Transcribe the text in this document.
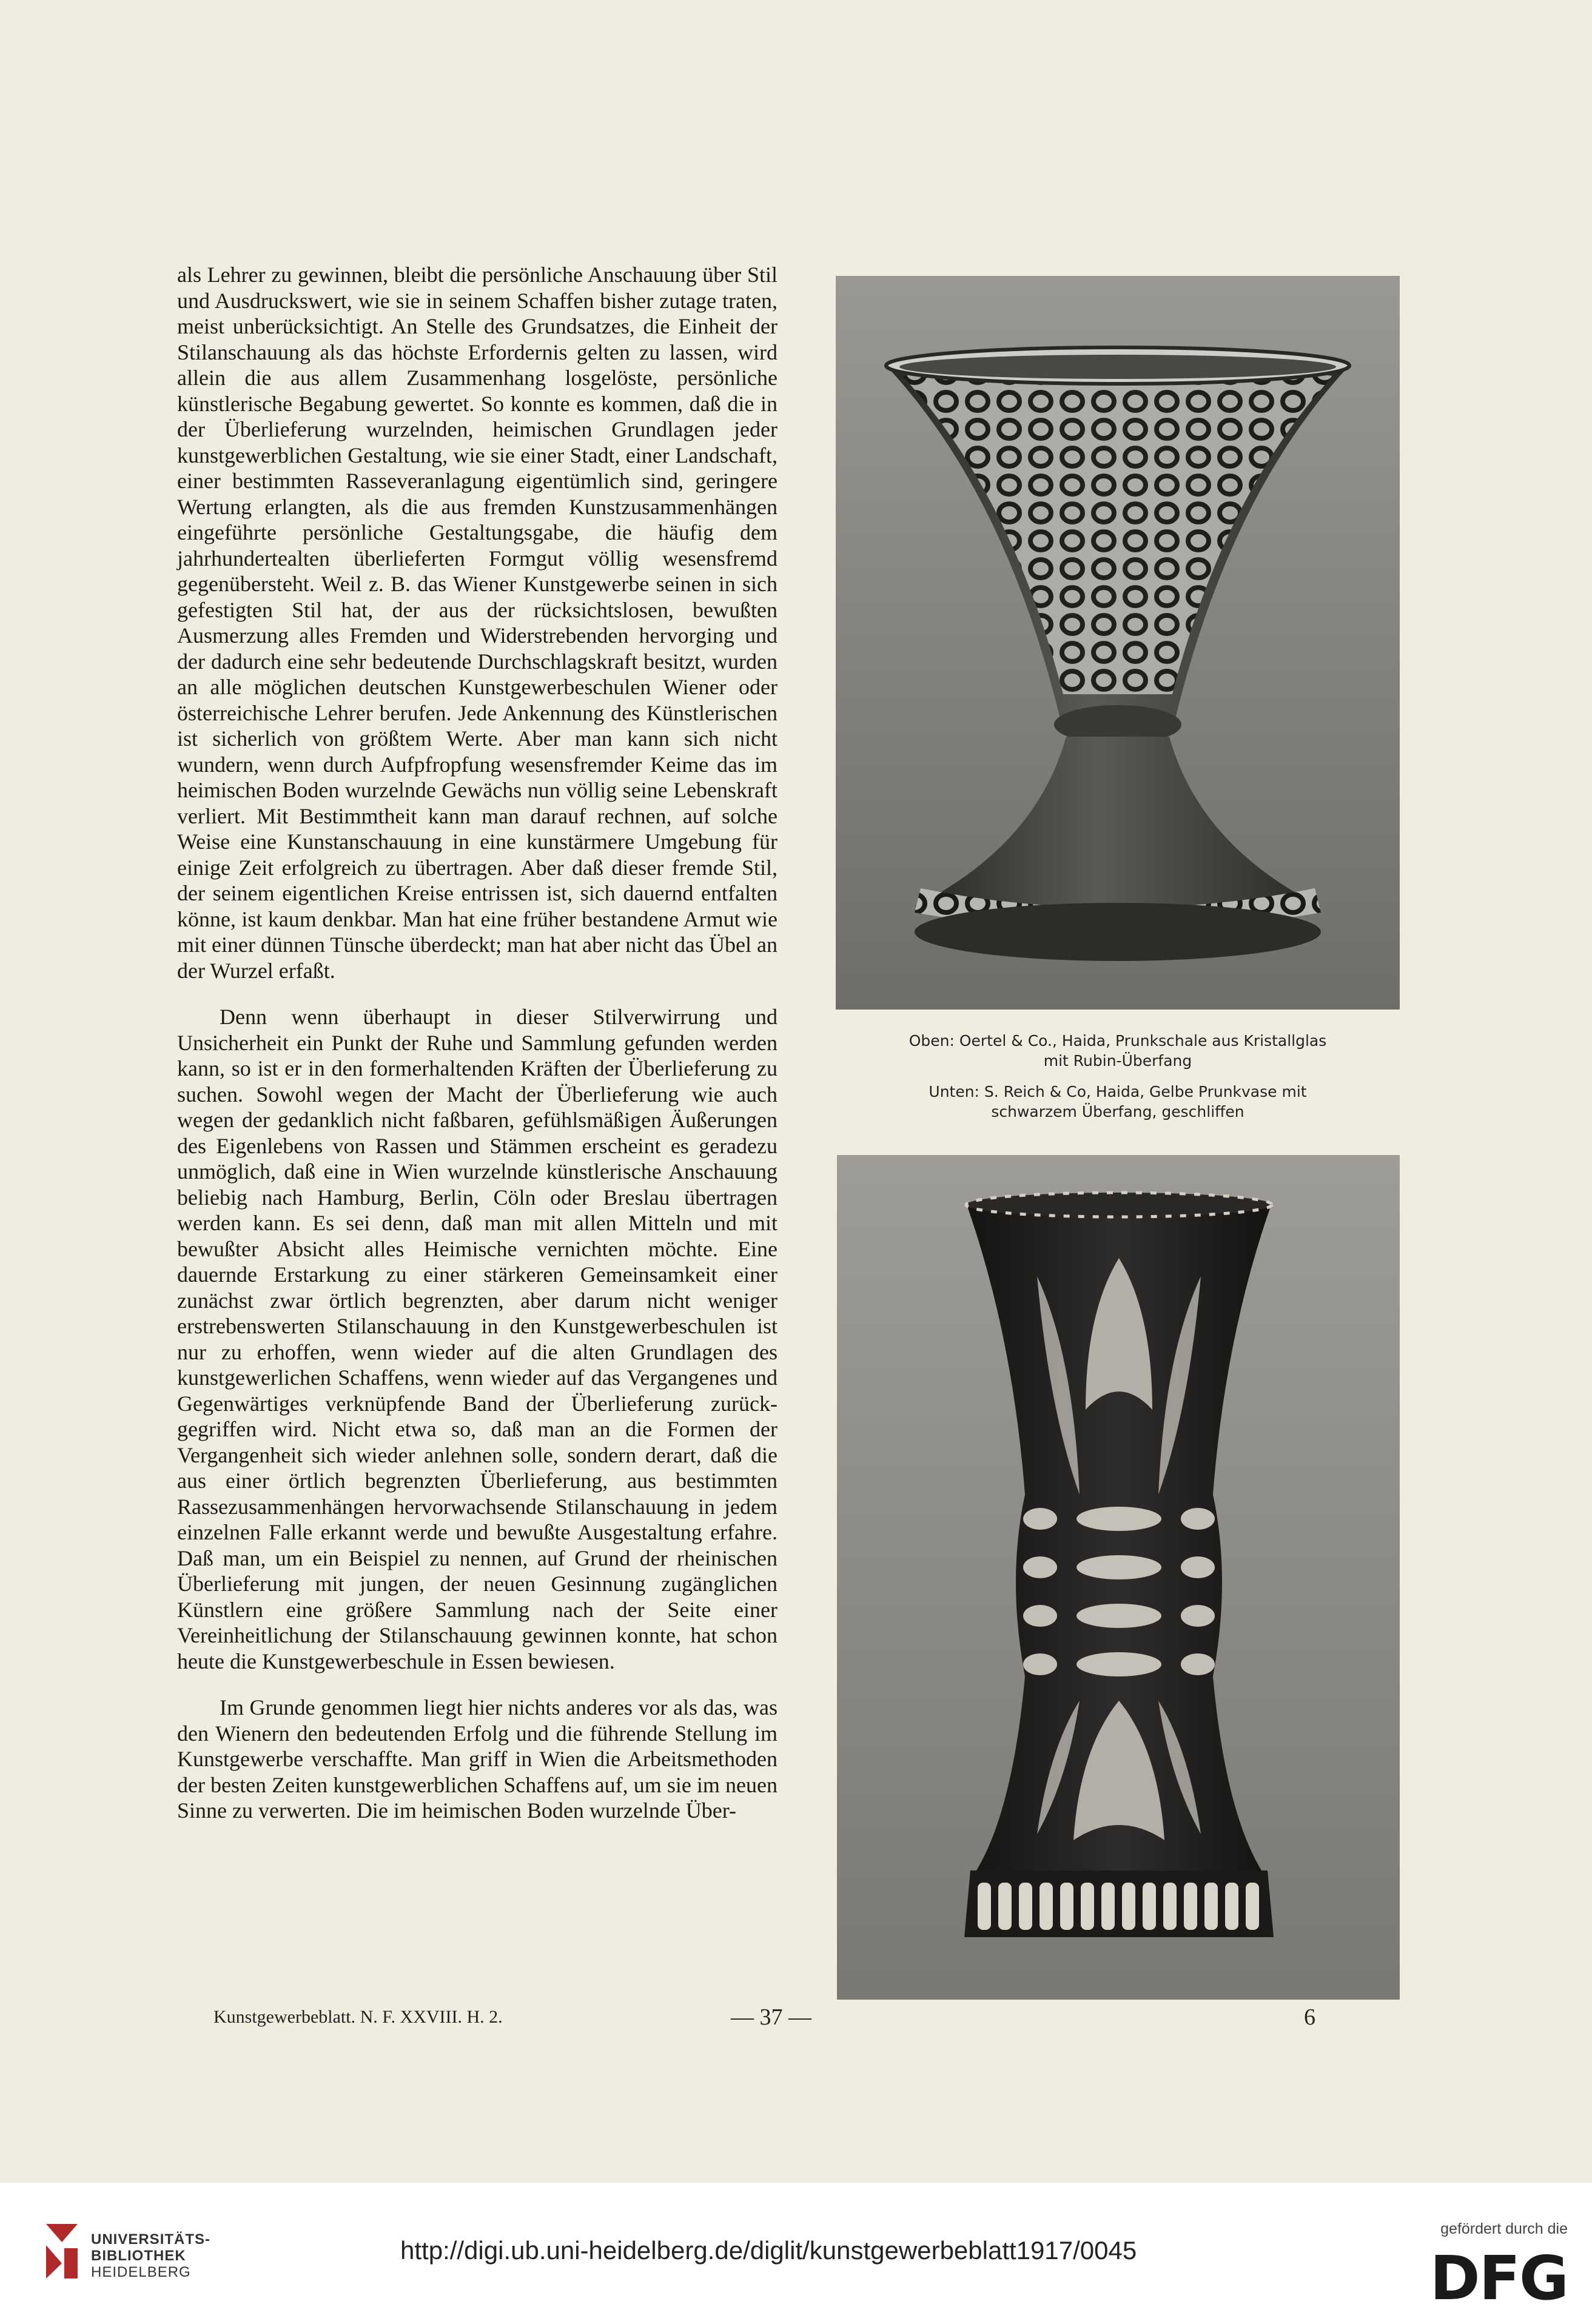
als Lehrer zu gewinnen, bleibt die persönliche Anschauung über Stil und Ausdruckswert, wie sie in seinem Schaffen bisher zutage traten, meist unberücksichtigt. An Stelle des Grundsatzes, die Einheit der Stilanschauung als das höchste Erfordernis gelten zu lassen, wird allein die aus allem Zusammenhang losgelöste, persönliche künstlerische Begabung gewertet. So konnte es kommen, daß die in der Überlieferung wurzelnden, heimischen Grundlagen jeder kunstgewerblichen Gestaltung, wie sie einer Stadt, einer Landschaft, einer bestimmten Rasseveranlagung eigentümlich sind, geringere Wertung erlangten, als die aus fremden Kunstzusammenhängen eingeführte persönliche Gestaltungsgabe, die häufig dem jahrhundertealten überlieferten Formgut völlig wesensfremd gegenübersteht. Weil z. B. das Wiener Kunstgewerbe seinen in sich gefestigten Stil hat, der aus der rücksichtslosen, bewußten Ausmerzung alles Fremden und Widerstrebenden hervorging und der dadurch eine sehr bedeutende Durchschlagskraft besitzt, wurden an alle möglichen deutschen Kunstgewerbeschulen Wiener oder österreichische Lehrer berufen. Jede Ankennung des Künstlerischen ist sicherlich von größtem Werte. Aber man kann sich nicht wundern, wenn durch Aufpfropfung wesensfremder Keime das im heimischen Boden wurzelnde Gewächs nun völlig seine Lebenskraft verliert. Mit Bestimmtheit kann man darauf rechnen, auf solche Weise eine Kunstanschauung in eine kunstärmere Umgebung für einige Zeit erfolgreich zu übertragen. Aber daß dieser fremde Stil, der seinem eigentlichen Kreise entrissen ist, sich dauernd entfalten könne, ist kaum denkbar. Man hat eine früher bestandene Armut wie mit einer dünnen Tünsche überdeckt; man hat aber nicht das Übel an der Wurzel erfaßt.

Denn wenn überhaupt in dieser Stilverwirrung und Unsicherheit ein Punkt der Ruhe und Sammlung gefunden werden kann, so ist er in den formerhaltenden Kräften der Überlieferung zu suchen. Sowohl wegen der Macht der Überlieferung wie auch wegen der gedanklich nicht faßbaren, gefühlsmäßigen Äußerungen des Eigenlebens von Rassen und Stämmen erscheint es geradezu unmöglich, daß eine in Wien wurzelnde künstlerische Anschauung beliebig nach Hamburg, Berlin, Cöln oder Breslau übertragen werden kann. Es sei denn, daß man mit allen Mitteln und mit bewußter Absicht alles Heimische vernichten möchte. Eine dauernde Erstarkung zu einer stärkeren Gemeinsamkeit einer zunächst zwar örtlich begrenzten, aber darum nicht weniger erstrebenswerten Stilanschauung in den Kunstgewerbeschulen ist nur zu erhoffen, wenn wieder auf die alten Grundlagen des kunstgewerlichen Schaffens, wenn wieder auf das Vergangenes und Gegenwärtiges verknüpfende Band der Überlieferung zurückgegriffen wird. Nicht etwa so, daß man an die Formen der Vergangenheit sich wieder anlehnen solle, sondern derart, daß die aus einer örtlich begrenzten Überlieferung, aus bestimmten Rassezusammenhängen hervorwachsende Stilanschauung in jedem einzelnen Falle erkannt werde und bewußte Ausgestaltung erfahre. Daß man, um ein Beispiel zu nennen, auf Grund der rheinischen Überlieferung mit jungen, der neuen Gesinnung zugänglichen Künstlern eine größere Sammlung nach der Seite einer Vereinheitlichung der Stilanschauung gewinnen konnte, hat schon heute die Kunstgewerbeschule in Essen bewiesen.

Im Grunde genommen liegt hier nichts anderes vor als das, was den Wienern den bedeutenden Erfolg und die führende Stellung im Kunstgewerbe verschaffte. Man griff in Wien die Arbeitsmethoden der besten Zeiten kunstgewerblichen Schaffens auf, um sie im neuen Sinne zu verwerten. Die im heimischen Boden wurzelnde Über-

Oben: Oertel & Co., Haida, Prunkschale aus Kristallglas
mit Rubin-Überfang
Unten: S. Reich & Co, Haida, Gelbe Prunkvase mit
schwarzem Überfang, geschliffen
Kunstgewerbeblatt. N. F. XXVIII. H. 2.	— 37 —	6
UNIVERSITÄTS-
BIBLIOTHEK
HEIDELBERG
http://digi.ub.uni-heidelberg.de/diglit/kunstgewerbeblatt1917/0045
gefördert durch die
DFG
